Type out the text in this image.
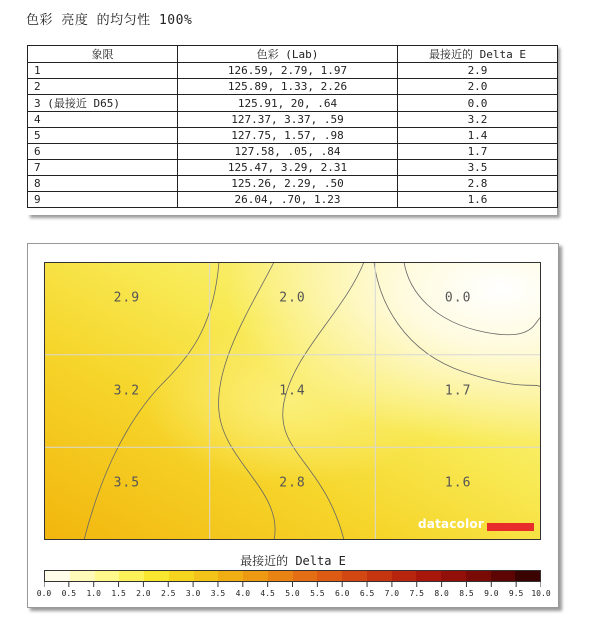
色彩 亮度 的均匀性 100%
象限	色彩 (Lab)	最接近的 Delta E
1	126.59, 2.79, 1.97	2.9
2	125.89, 1.33, 2.26	2.0
3 (最接近 D65)	125.91, 20, .64	0.0
4	127.37, 3.37, .59	3.2
5	127.75, 1.57, .98	1.4
6	127.58, .05, .84	1.7
7	125.47, 3.29, 2.31	3.5
8	125.26, 2.29, .50	2.8
9	26.04, .70, 1.23	1.6
2.9	2.0	0.0
3.2	1.4	1.7
3.5	2.8	1.6
datacolor
最接近的 Delta E
0.0 0.5 1.0 1.5 2.0 2.5 3.0 3.5 4.0 4.5 5.0 5.5 6.0 6.5 7.0 7.5 8.0 8.5 9.0 9.5 10.0
